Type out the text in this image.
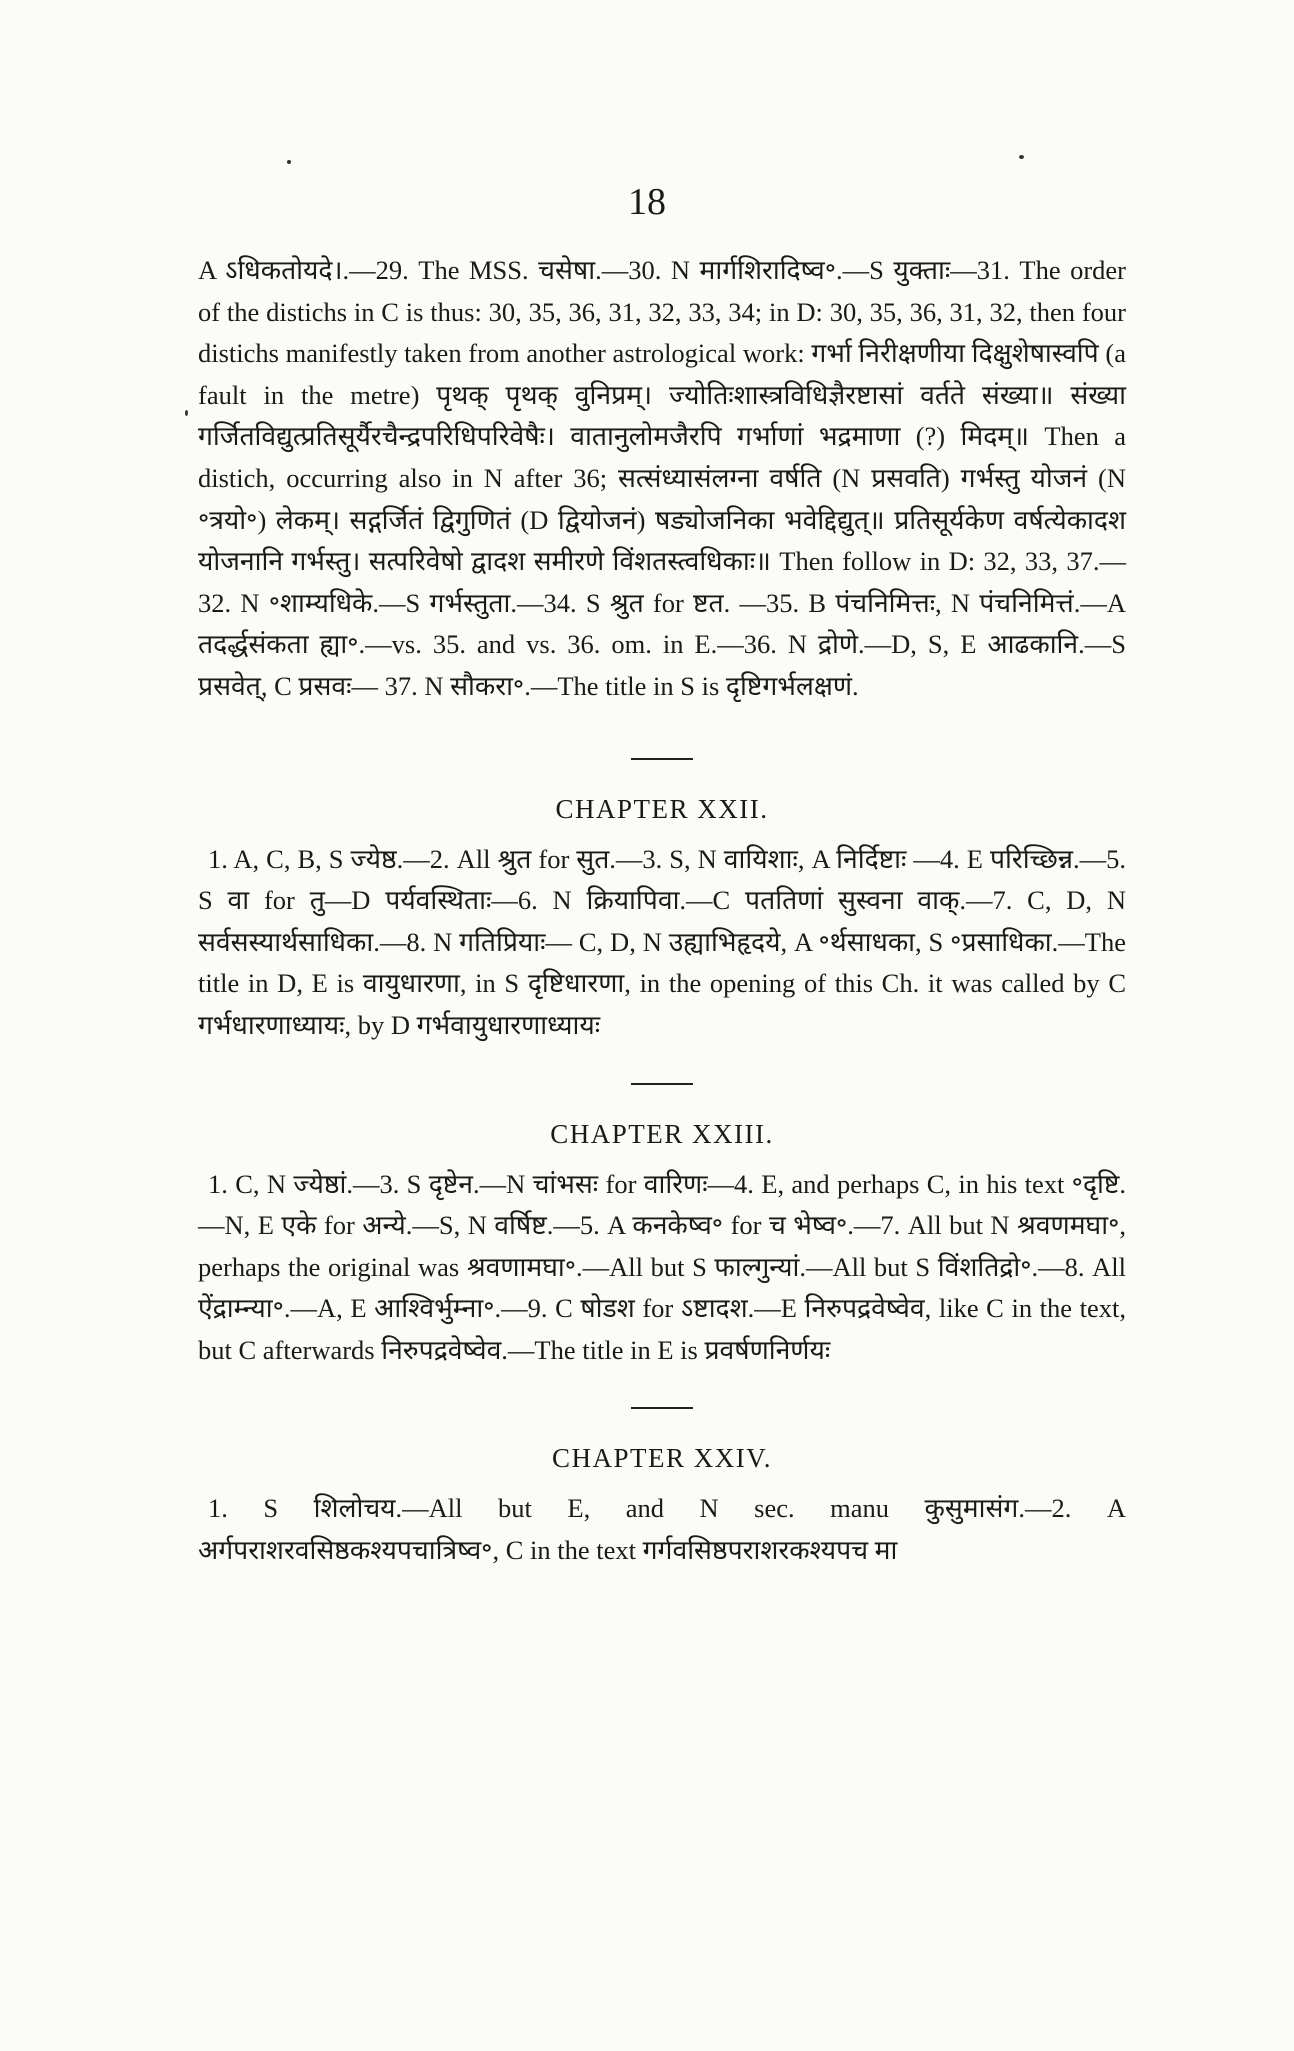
18

A ऽधिकतोयदे।.—29. The MSS. चसेषा.—30. N मार्गशिरादिष्व॰.—S युक्ताः—31. The order of the distichs in C is thus: 30, 35, 36, 31, 32, 33, 34; in D: 30, 35, 36, 31, 32, then four distichs manifestly taken from another astrological work: गर्भा निरीक्षणीया दिक्षुशेषास्वपि (a fault in the metre) पृथक् पृथक् वुनिप्रम्। ज्योतिःशास्त्रविधिज्ञैरष्टासां वर्तते संख्या॥ संख्या गर्जितविद्युत्प्रतिसूर्यैरचैन्द्रपरिधिपरिवेषैः। वातानुलोमजैरपि गर्भाणां भद्रमाणा (?) मिदम्॥ Then a distich, occurring also in N after 36; सत्संध्यासंलग्ना वर्षति (N प्रसवति) गर्भस्तु योजनं (N ॰त्रयो॰) लेकम्। सद्गर्जितं द्विगुणितं (D द्वियोजनं) षड्योजनिका भवेद्दिद्युत्॥ प्रतिसूर्यकेण वर्षत्येकादश योजनानि गर्भस्तु। सत्परिवेषो द्वादश समीरणे विंशतस्त्वधिकाः॥ Then follow in D: 32, 33, 37.—32. N ॰शाम्यधिके.—S गर्भस्तुता.—34. S श्रुत for ष्टत. —35. B पंचनिमित्तः, N पंचनिमित्तं.—A तदर्द्धसंकता ह्या॰.—vs. 35. and vs. 36. om. in E.—36. N द्रोणे.—D, S, E आढकानि.—S प्रसवेत्, C प्रसवः— 37. N सौकरा॰.—The title in S is दृष्टिगर्भलक्षणं.

CHAPTER XXII.

1. A, C, B, S ज्येष्ठ.—2. All श्रुत for सुत.—3. S, N वायिशाः, A निर्दिष्टाः —4. E परिच्छिन्न.—5. S वा for तु—D पर्यवस्थिताः—6. N क्रियापिवा.—C पततिणां सुस्वना वाक्.—7. C, D, N सर्वसस्यार्थसाधिका.—8. N गतिप्रियाः— C, D, N उह्याभिहृदये, A ॰र्थसाधका, S ॰प्रसाधिका.—The title in D, E is वायुधारणा, in S दृष्टिधारणा, in the opening of this Ch. it was called by C गर्भधारणाध्यायः, by D गर्भवायुधारणाध्यायः

CHAPTER XXIII.

1. C, N ज्येष्ठां.—3. S दृष्टेन.—N चांभसः for वारिणः—4. E, and perhaps C, in his text ॰दृष्टि.—N, E एके for अन्ये.—S, N वर्षिष्ट.—5. A कनकेष्व॰ for च भेष्व॰.—7. All but N श्रवणमघा॰, perhaps the original was श्रवणामघा॰.—All but S फाल्गुन्यां.—All but S विंशतिद्रो॰.—8. All ऐंद्राम्न्या॰.—A, E आश्विर्भुम्ना॰.—9. C षोडश for ऽष्टादश.—E निरुपद्रवेष्वेव, like C in the text, but C afterwards निरुपद्रवेष्वेव.—The title in E is प्रवर्षणनिर्णयः

CHAPTER XXIV.

1. S शिलोचय.—All but E, and N sec. manu कुसुमासंग.—2. A अर्गपराशरवसिष्ठकश्यपचात्रिष्व॰, C in the text गर्गवसिष्ठपराशरकश्यपच मा
